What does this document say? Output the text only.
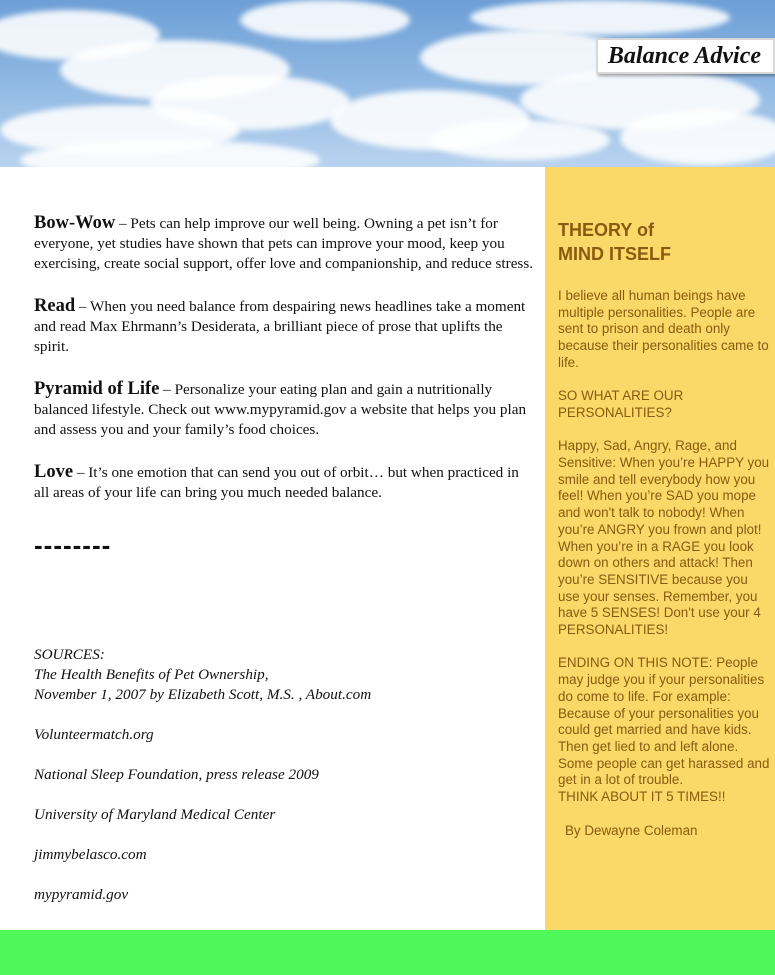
Balance Advice

Bow-Wow – Pets can help improve our well being. Owning a pet isn’t for everyone, yet studies have shown that pets can improve your mood, keep you exercising, create social support, offer love and companionship, and reduce stress.

Read – When you need balance from despairing news headlines take a moment and read Max Ehrmann’s Desiderata, a brilliant piece of prose that uplifts the spirit.

Pyramid of Life – Personalize your eating plan and gain a nutritionally balanced lifestyle. Check out www.mypyramid.gov a website that helps you plan and assess you and your family’s food choices.

Love – It’s one emotion that can send you out of orbit… but when practiced in all areas of your life can bring you much needed balance.

--------

SOURCES:

The Health Benefits of Pet Ownership,

November 1, 2007 by Elizabeth Scott, M.S. , About.com

Volunteermatch.org

National Sleep Foundation, press release 2009

University of Maryland Medical Center

jimmybelasco.com

mypyramid.gov

THEORY of
MIND ITSELF

I believe all human beings have multiple personalities. People are sent to prison and death only because their personalities came to life.

SO WHAT ARE OUR PERSONALITIES?

Happy, Sad, Angry, Rage, and Sensitive: When you’re HAPPY you smile and tell everybody how you feel! When you’re SAD you mope and won't talk to nobody! When you’re ANGRY you frown and plot! When you’re in a RAGE you look down on others and attack! Then you’re SENSITIVE because you use your senses. Remember, you have 5 SENSES! Don't use your 4 PERSONALITIES!

ENDING ON THIS NOTE: People may judge you if your personalities do come to life. For example: Because of your personalities you could get married and have kids. Then get lied to and left alone. Some people can get harassed and get in a lot of trouble.

THINK ABOUT IT 5 TIMES!!

By Dewayne Coleman
